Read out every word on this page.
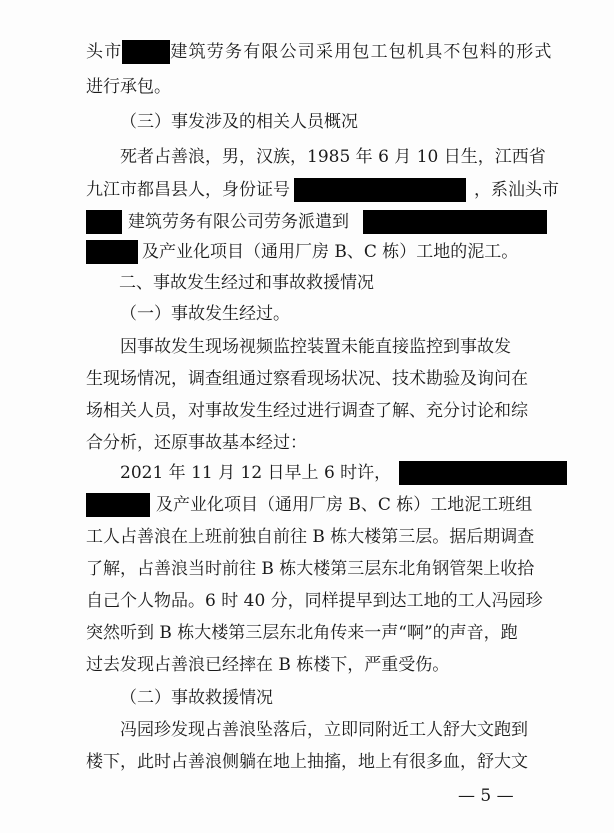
头市	建筑劳务有限公司采用包工包机具不包料的形式
进行承包。
（三）事发涉及的相关人员概况
死者占善浪，男，汉族，1985 年 6 月 10 日生，江西省
九江市都昌县人，身份证号	，系汕头市
建筑劳务有限公司劳务派遣到
及产业化项目（通用厂房 B、C 栋）工地的泥工。
二、事故发生经过和事故救援情况
（一）事故发生经过。
因事故发生现场视频监控装置未能直接监控到事故发
生现场情况，调查组通过察看现场状况、技术勘验及询问在
场相关人员，对事故发生经过进行调查了解、充分讨论和综
合分析，还原事故基本经过：
2021 年 11 月 12 日早上 6 时许，
及产业化项目（通用厂房 B、C 栋）工地泥工班组
工人占善浪在上班前独自前往 B 栋大楼第三层。据后期调查
了解，占善浪当时前往 B 栋大楼第三层东北角钢管架上收拾
自己个人物品。6 时 40 分，同样提早到达工地的工人冯园珍
突然听到 B 栋大楼第三层东北角传来一声“啊”的声音，跑
过去发现占善浪已经摔在 B 栋楼下，严重受伤。
（二）事故救援情况
冯园珍发现占善浪坠落后，立即同附近工人舒大文跑到
楼下，此时占善浪侧躺在地上抽搐，地上有很多血，舒大文
— 5 —
